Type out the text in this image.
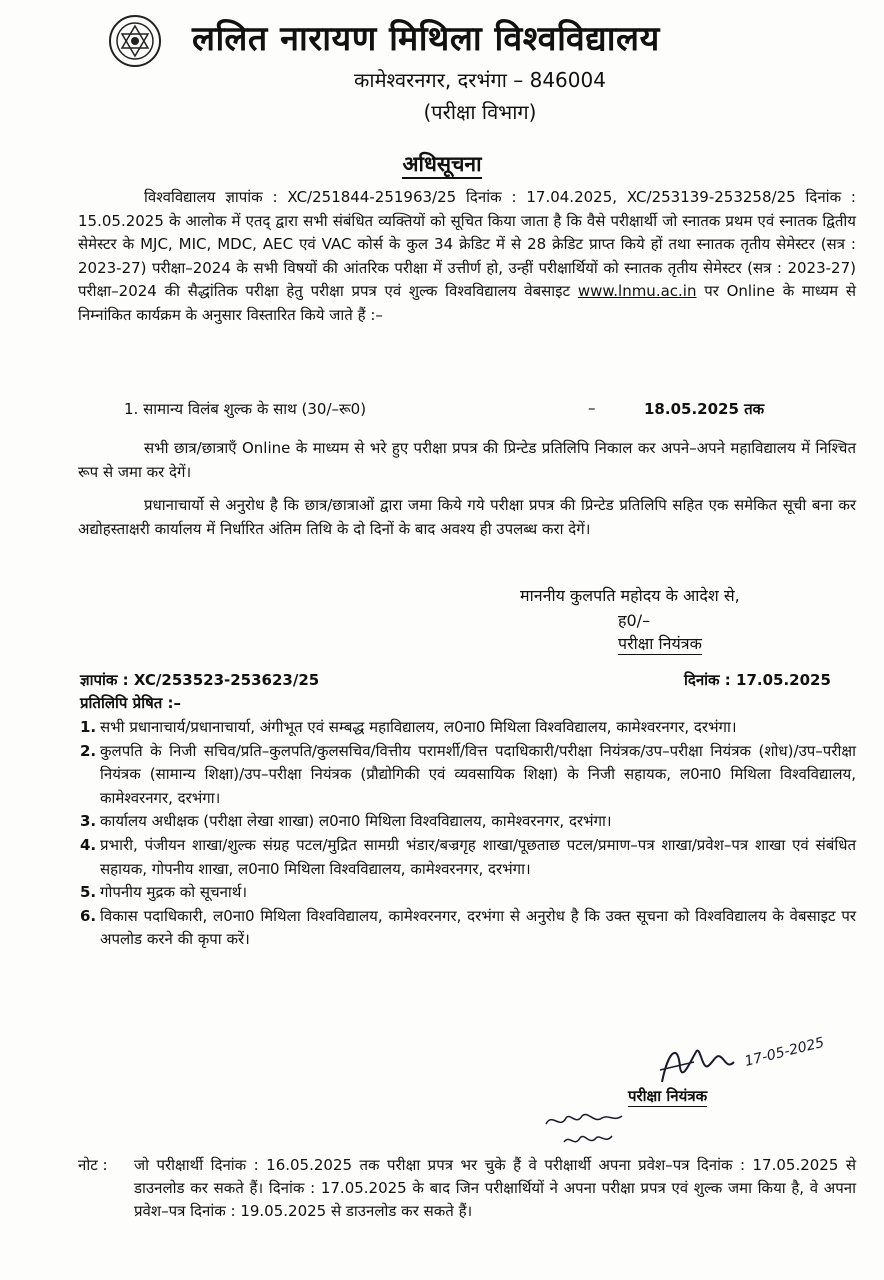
ललित नारायण मिथिला विश्वविद्यालय
कामेश्वरनगर, दरभंगा – 846004
(परीक्षा विभाग)
अधिसूचना
विश्वविद्यालय ज्ञापांक : XC/251844-251963/25 दिनांक : 17.04.2025, XC/253139-253258/25 दिनांक : 15.05.2025 के आलोक में एतद् द्वारा सभी संबंधित व्यक्तियों को सूचित किया जाता है कि वैसे परीक्षार्थी जो स्नातक प्रथम एवं स्नातक द्वितीय सेमेस्टर के MJC, MIC, MDC, AEC एवं VAC कोर्स के कुल 34 क्रेडिट में से 28 क्रेडिट प्राप्त किये हों तथा स्नातक तृतीय सेमेस्टर (सत्र : 2023-27) परीक्षा–2024 के सभी विषयों की आंतरिक परीक्षा में उत्तीर्ण हो, उन्हीं परीक्षार्थियों को स्नातक तृतीय सेमेस्टर (सत्र : 2023-27) परीक्षा–2024 की सैद्धांतिक परीक्षा हेतु परीक्षा प्रपत्र एवं शुल्क विश्वविद्यालय वेबसाइट www.lnmu.ac.in पर Online के माध्यम से निम्नांकित कार्यक्रम के अनुसार विस्तारित किये जाते हैं :–
1. सामान्य विलंब शुल्क के साथ (30/–रू0)	–	18.05.2025 तक
सभी छात्र/छात्राएँ Online के माध्यम से भरे हुए परीक्षा प्रपत्र की प्रिन्टेड प्रतिलिपि निकाल कर अपने–अपने महाविद्यालय में निश्चित रूप से जमा कर देगें।
प्रधानाचार्यो से अनुरोध है कि छात्र/छात्राओं द्वारा जमा किये गये परीक्षा प्रपत्र की प्रिन्टेड प्रतिलिपि सहित एक समेकित सूची बना कर अद्योहस्ताक्षरी कार्यालय में निर्धारित अंतिम तिथि के दो दिनों के बाद अवश्य ही उपलब्ध करा देगें।
माननीय कुलपति महोदय के आदेश से,
ह0/–
परीक्षा नियंत्रक
ज्ञापांक : XC/253523-253623/25	दिनांक : 17.05.2025
प्रतिलिपि प्रेषित :–
1. सभी प्रधानाचार्य/प्रधानाचार्या, अंगीभूत एवं सम्बद्ध महाविद्यालय, ल0ना0 मिथिला विश्वविद्यालय, कामेश्वरनगर, दरभंगा।
2. कुलपति के निजी सचिव/प्रति–कुलपति/कुलसचिव/वित्तीय परामर्शी/वित्त पदाधिकारी/परीक्षा नियंत्रक/उप–परीक्षा नियंत्रक (शोध)/उप–परीक्षा नियंत्रक (सामान्य शिक्षा)/उप–परीक्षा नियंत्रक (प्रौद्योगिकी एवं व्यवसायिक शिक्षा) के निजी सहायक, ल0ना0 मिथिला विश्वविद्यालय, कामेश्वरनगर, दरभंगा।
3. कार्यालय अधीक्षक (परीक्षा लेखा शाखा) ल0ना0 मिथिला विश्वविद्यालय, कामेश्वरनगर, दरभंगा।
4. प्रभारी, पंजीयन शाखा/शुल्क संग्रह पटल/मुद्रित सामग्री भंडार/बज्रगृह शाखा/पूछताछ पटल/प्रमाण–पत्र शाखा/प्रवेश–पत्र शाखा एवं संबंधित सहायक, गोपनीय शाखा, ल0ना0 मिथिला विश्वविद्यालय, कामेश्वरनगर, दरभंगा।
5. गोपनीय मुद्रक को सूचनार्थ।
6. विकास पदाधिकारी, ल0ना0 मिथिला विश्वविद्यालय, कामेश्वरनगर, दरभंगा से अनुरोध है कि उक्त सूचना को विश्वविद्यालय के वेबसाइट पर अपलोड करने की कृपा करें।
17-05-2025
परीक्षा नियंत्रक
नोट :	जो परीक्षार्थी दिनांक : 16.05.2025 तक परीक्षा प्रपत्र भर चुके हैं वे परीक्षार्थी अपना प्रवेश–पत्र दिनांक : 17.05.2025 से डाउनलोड कर सकते हैं। दिनांक : 17.05.2025 के बाद जिन परीक्षार्थियों ने अपना परीक्षा प्रपत्र एवं शुल्क जमा किया है, वे अपना प्रवेश–पत्र दिनांक : 19.05.2025 से डाउनलोड कर सकते हैं।
